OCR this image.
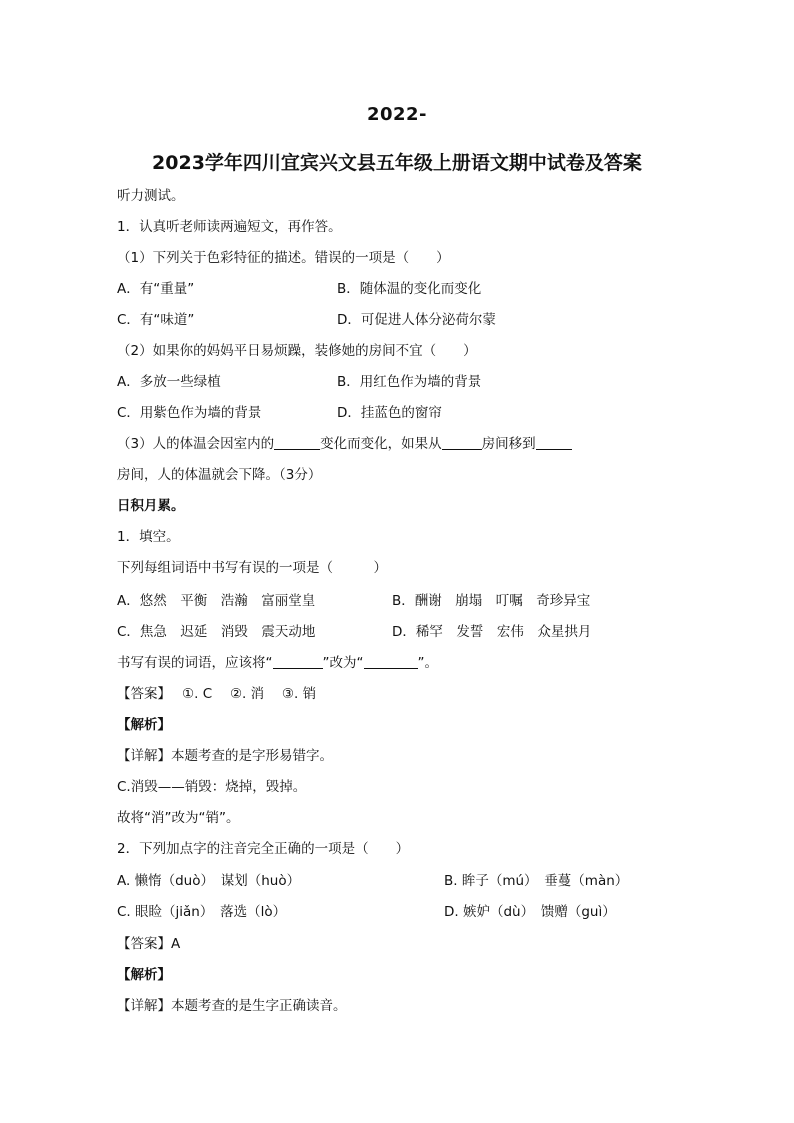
2022-
2023学年四川宜宾兴文县五年级上册语文期中试卷及答案
听力测试。
1．认真听老师读两遍短文，再作答。
（1）下列关于色彩特征的描述。错误的一项是（　　）
A．有“重量”	B．随体温的变化而变化
C．有“味道”	D．可促进人体分泌荷尔蒙
（2）如果你的妈妈平日易烦躁，装修她的房间不宜（　　）
A．多放一些绿植	B．用红色作为墙的背景
C．用紫色作为墙的背景	D．挂蓝色的窗帘
（3）人的体温会因室内的	变化而变化，如果从	房间移到
房间，人的体温就会下降。（3分）
日积月累。
1．填空。
下列每组词语中书写有误的一项是（　　　）
A．悠然　平衡　浩瀚　富丽堂皇	B．酬谢　崩塌　叮嘱　奇珍异宝
C．焦急　迟延　消毁　震天动地	D．稀罕　发誓　宏伟　众星拱月
书写有误的词语，应该将“	”改为“	”。
【答案】　 ①. C　 ②. 消　 ③. 销
【解析】
【详解】本题考查的是字形易错字。
C.消毁——销毁：烧掉，毁掉。
故将“消”改为“销”。
2．下列加点字的注音完全正确的一项是（　　）
A. 懒惰（duò）　谋划（huò）	B. 眸子（mú）　垂蔓（màn）
C. 眼睑（jiǎn）　落选（lò）	D. 嫉妒（dù）　馈赠（guì）
【答案】A
【解析】
【详解】本题考查的是生字正确读音。
